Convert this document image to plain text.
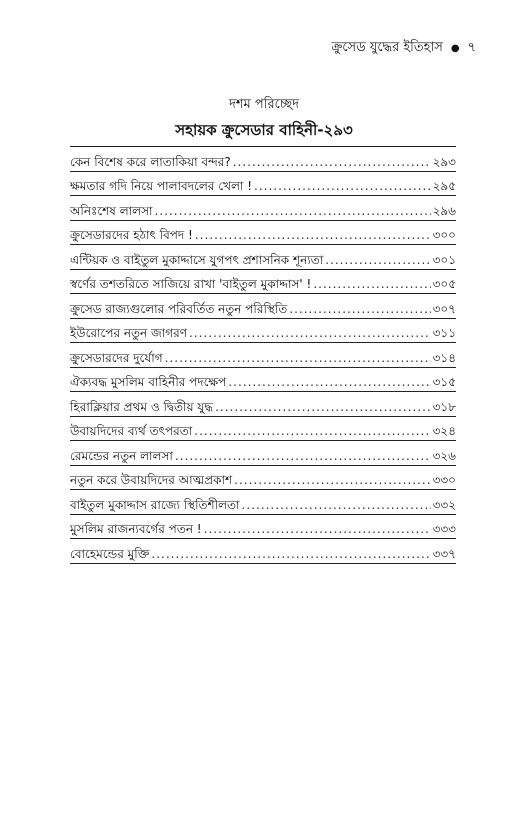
ক্রুসেড যুদ্ধের ইতিহাস ● ৭
দশম পরিচ্ছেদ
সহায়ক ক্রুসেডার বাহিনী-২৯৩
কেন বিশেষ করে লাতাকিয়া বন্দর? .....	২৯৩
ক্ষমতার গদি নিয়ে পালাবদলের খেলা ! .....	২৯৫
অনিঃশেষ লালসা .....	২৯৬
ক্রুসেডারদের হঠাৎ বিপদ ! .....	৩০০
এন্টিয়ক ও বাইতুল মুকাদ্দাসে যুগপৎ প্রশাসনিক শূন্যতা .....	৩০১
স্বর্ণের তশতরিতে সাজিয়ে রাখা 'বাইতুল মুকাদ্দাস' ! .....	৩০৫
ক্রুসেড রাজ্যগুলোর পরিবর্তিত নতুন পরিস্থিতি .....	৩০৭
ইউরোপের নতুন জাগরণ .....	৩১১
ক্রুসেডারদের দুর্যোগ .....	৩১৪
ঐক্যবদ্ধ মুসলিম বাহিনীর পদক্ষেপ .....	৩১৫
হিরাক্লিয়ার প্রথম ও দ্বিতীয় যুদ্ধ .....	৩১৮
উবায়দিদের ব্যর্থ তৎপরতা .....	৩২৪
রেমন্ডের নতুন লালসা .....	৩২৬
নতুন করে উবায়দিদের আত্মপ্রকাশ .....	৩৩০
বাইতুল মুকাদ্দাস রাজ্যে স্থিতিশীলতা .....	৩৩২
মুসলিম রাজন্যবর্গের পতন ! .....	৩৩৩
বোহেমন্ডের মুক্তি .....	৩৩৭
